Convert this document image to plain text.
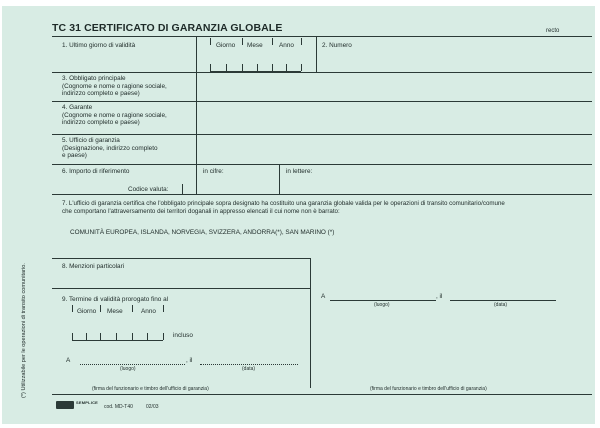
TC 31 CERTIFICATO DI GARANZIA GLOBALE	recto
1. Ultimo giorno di validità	Giorno Mese	Anno	2. Numero
3. Obbligato principale
(Cognome e nome o ragione sociale,
indirizzo completo e paese)
4. Garante
(Cognome e nome o ragione sociale,
indirizzo completo e paese)
5. Ufficio di garanzia
(Designazione, indirizzo completo
e paese)
6. Importo di riferimento
Codice valuta:
in cifre:	in lettere:
7. L'ufficio di garanzia certifica che l'obbligato principale sopra designato ha costituito una garanzia globale valida per le operazioni di transito comunitario/comune
che comportano l'attraversamento dei territori doganali in appresso elencati il cui nome non è barrato:
COMUNITÀ EUROPEA, ISLANDA, NORVEGIA, SVIZZERA, ANDORRA(*), SAN MARINO (*)
8. Menzioni particolari
9. Termine di validità prorogato fino al
Giorno Mese	Anno
incluso
A
(luogo)
, il
(data)
(firma del funzionario e timbro dell'ufficio di garanzia)
A
(luogo)
, il
(data)
(firma del funzionario e timbro dell'ufficio di garanzia)
SEMPLICE
cod. MD-T40	02/03
(*) Utilizzabile per le operazioni di transito comunitario.
